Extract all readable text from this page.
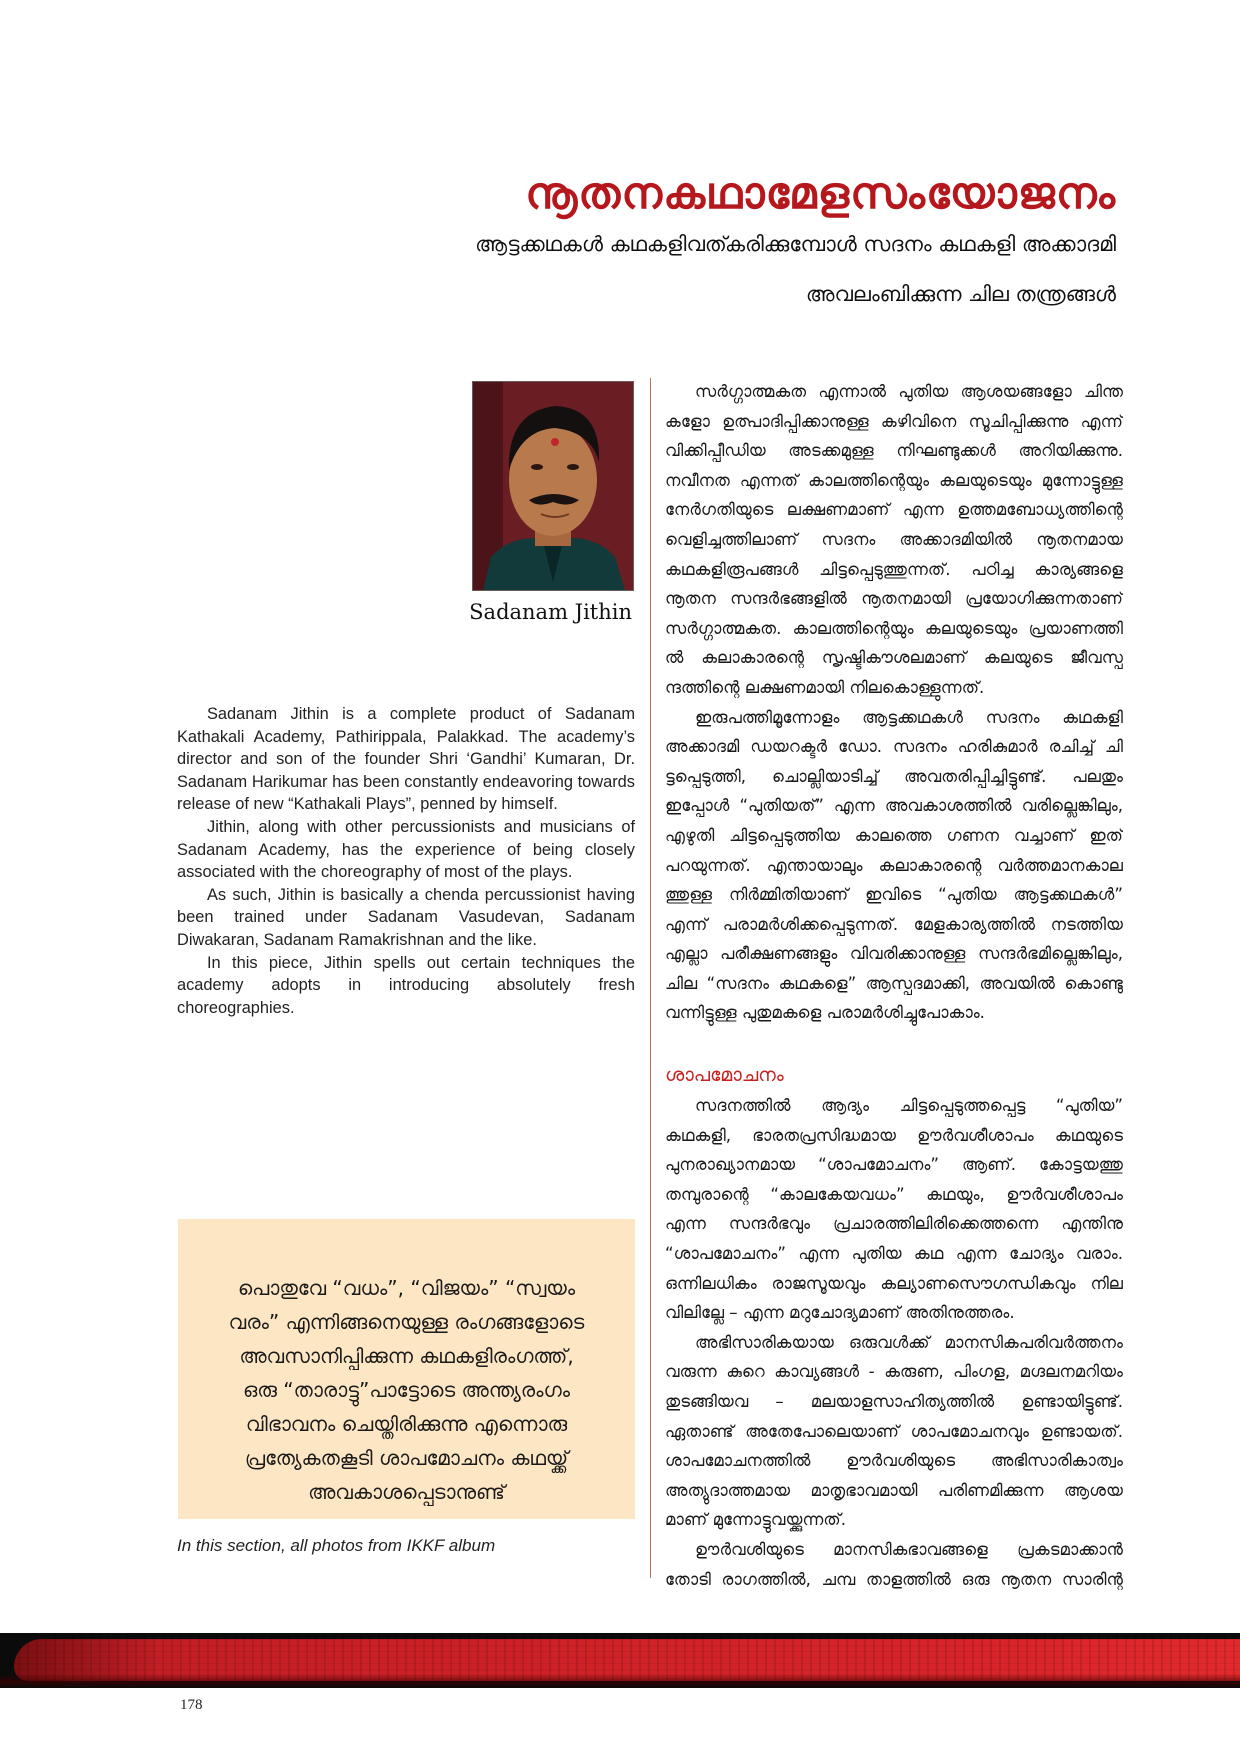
നൂതനകഥാമേളസംയോജനം
ആട്ടക്കഥകൾ കഥകളിവത്കരിക്കുമ്പോൾ സദനം കഥകളി അക്കാദമി
അവലംബിക്കുന്ന ചില തന്ത്രങ്ങൾ
Sadanam Jithin

Sadanam Jithin is a complete product of Sadanam Kathakali Academy, Pathirippala, Palakkad. The academy’s director and son of the founder Shri ‘Gandhi’ Kumaran, Dr. Sadanam Harikumar has been constantly endeavoring towards release of new “Kathakali Plays”, penned by himself.

Jithin, along with other percussionists and musicians of Sadanam Academy, has the experience of being closely associated with the choreography of most of the plays.

As such, Jithin is basically a chenda percussionist having been trained under Sadanam Vasudevan, Sadanam Diwakaran, Sadanam Ramakrishnan and the like.

In this piece, Jithin spells out certain techniques the academy adopts in introducing absolutely fresh choreographies.

പൊതുവേ “വധം”, “വിജയം” “സ്വയം
വരം” എന്നിങ്ങനെയുള്ള രംഗങ്ങളോടെ
അവസാനിപ്പിക്കുന്ന കഥകളിരംഗത്ത്,
ഒരു “താരാട്ടു”പാട്ടോടെ അന്ത്യരംഗം
വിഭാവനം ചെയ്തിരിക്കുന്നു എന്നൊരു
പ്രത്യേകതകൂടി ശാപമോചനം കഥയ്ക്ക്
അവകാശപ്പെടാനുണ്ട്
In this section, all photos from IKKF album
സർഗ്ഗാത്മകത എന്നാൽ പുതിയ ആശയങ്ങളോ ചിന്ത
കളോ ഉത്പാദിപ്പിക്കാനുള്ള കഴിവിനെ സൂചിപ്പിക്കുന്നു എന്ന്
വിക്കിപ്പീഡിയ അടക്കമുള്ള നിഘണ്ടുക്കൾ അറിയിക്കുന്നു.
നവീനത എന്നത് കാലത്തിന്റെയും കലയുടെയും മുന്നോട്ടുള്ള
നേർഗതിയുടെ ലക്ഷണമാണ് എന്ന ഉത്തമബോധ്യത്തിന്റെ
വെളിച്ചത്തിലാണ് സദനം അക്കാദമിയിൽ നൂതനമായ
കഥകളിരൂപങ്ങൾ ചിട്ടപ്പെടുത്തുന്നത്. പഠിച്ച കാര്യങ്ങളെ
നൂതന സന്ദർഭങ്ങളിൽ നൂതനമായി പ്രയോഗിക്കുന്നതാണ്
സർഗ്ഗാത്മകത. കാലത്തിന്റെയും കലയുടെയും പ്രയാണത്തി
ൽ കലാകാരന്റെ സൃഷ്ടികൗശലമാണ് കലയുടെ ജീവസ്പ
ന്ദത്തിന്റെ ലക്ഷണമായി നിലകൊള്ളുന്നത്.
ഇരുപത്തിമൂന്നോളം ആട്ടക്കഥകൾ സദനം കഥകളി
അക്കാദമി ഡയറക്ടർ ഡോ. സദനം ഹരികുമാർ രചിച്ച് ചി
ട്ടപ്പെടുത്തി, ചൊല്ലിയാടിച്ച് അവതരിപ്പിച്ചിട്ടുണ്ട്. പലതും
ഇപ്പോൾ “പുതിയത്” എന്ന അവകാശത്തിൽ വരില്ലെങ്കിലും,
എഴുതി ചിട്ടപ്പെടുത്തിയ കാലത്തെ ഗണന വച്ചാണ് ഇത്
പറയുന്നത്. എന്തായാലും കലാകാരന്റെ വർത്തമാനകാല
ത്തുള്ള നിർമ്മിതിയാണ് ഇവിടെ “പുതിയ ആട്ടക്കഥകൾ”
എന്ന് പരാമർശിക്കപ്പെടുന്നത്. മേളകാര്യത്തിൽ നടത്തിയ
എല്ലാ പരീക്ഷണങ്ങളും വിവരിക്കാനുള്ള സന്ദർഭമില്ലെങ്കിലും,
ചില “സദനം കഥകളെ” ആസ്പദമാക്കി, അവയിൽ കൊണ്ടു
വന്നിട്ടുള്ള പുതുമകളെ പരാമർശിച്ചുപോകാം.
ശാപമോചനം
സദനത്തിൽ ആദ്യം ചിട്ടപ്പെടുത്തപ്പെട്ട “പുതിയ”
കഥകളി, ഭാരതപ്രസിദ്ധമായ ഊർവശീശാപം കഥയുടെ
പുനരാഖ്യാനമായ “ശാപമോചനം” ആണ്. കോട്ടയത്തു
തമ്പുരാന്റെ “കാലകേയവധം” കഥയും, ഊർവശീശാപം
എന്ന സന്ദർഭവും പ്രചാരത്തിലിരിക്കെത്തന്നെ എന്തിനു
“ശാപമോചനം” എന്ന പുതിയ കഥ എന്ന ചോദ്യം വരാം.
ഒന്നിലധികം രാജസൂയവും കല്യാണസൌഗന്ധികവും നില
വിലില്ലേ – എന്ന മറുചോദ്യമാണ് അതിനുത്തരം.
അഭിസാരികയായ ഒരുവൾക്ക് മാനസികപരിവർത്തനം
വരുന്ന കുറെ കാവ്യങ്ങൾ - കരുണ, പിംഗള, മഗ്ദലനമറിയം
തുടങ്ങിയവ – മലയാളസാഹിത്യത്തിൽ ഉണ്ടായിട്ടുണ്ട്.
ഏതാണ്ട് അതേപോലെയാണ് ശാപമോചനവും ഉണ്ടായത്.
ശാപമോചനത്തിൽ ഊർവശിയുടെ അഭിസാരികാത്വം
അത്യുദാത്തമായ മാതൃഭാവമായി പരിണമിക്കുന്ന ആശയ
മാണ് മുന്നോട്ടുവയ്ക്കുന്നത്.
ഊർവശിയുടെ മാനസികഭാവങ്ങളെ പ്രകടമാക്കാൻ
തോടി രാഗത്തിൽ, ചമ്പ താളത്തിൽ ഒരു നൂതന സാരിന്റ
178
